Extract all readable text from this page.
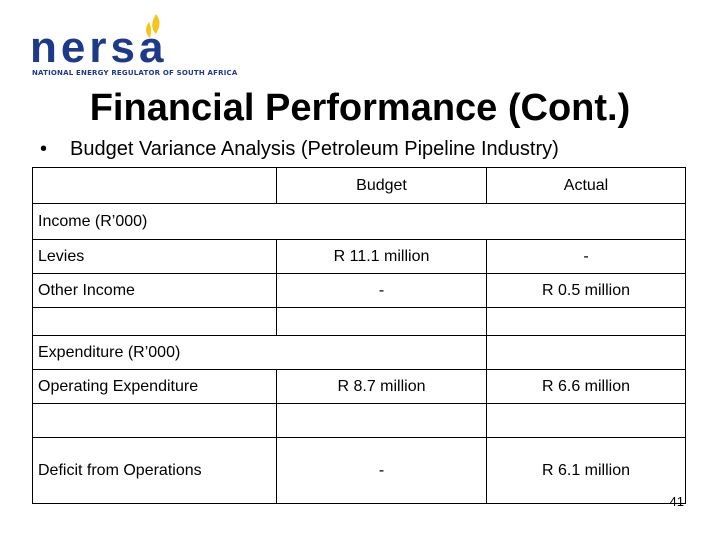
nersa
NATIONAL ENERGY REGULATOR OF SOUTH AFRICA
Financial Performance (Cont.)
• Budget Variance Analysis (Petroleum Pipeline Industry)
	Budget	Actual
Income (R’000)		
Levies	R 11.1 million	-
Other Income	-	R 0.5 million

Expenditure (R’000)		
Operating Expenditure	R 8.7 million	R 6.6 million

Deficit from Operations	-	R 6.1 million
41
